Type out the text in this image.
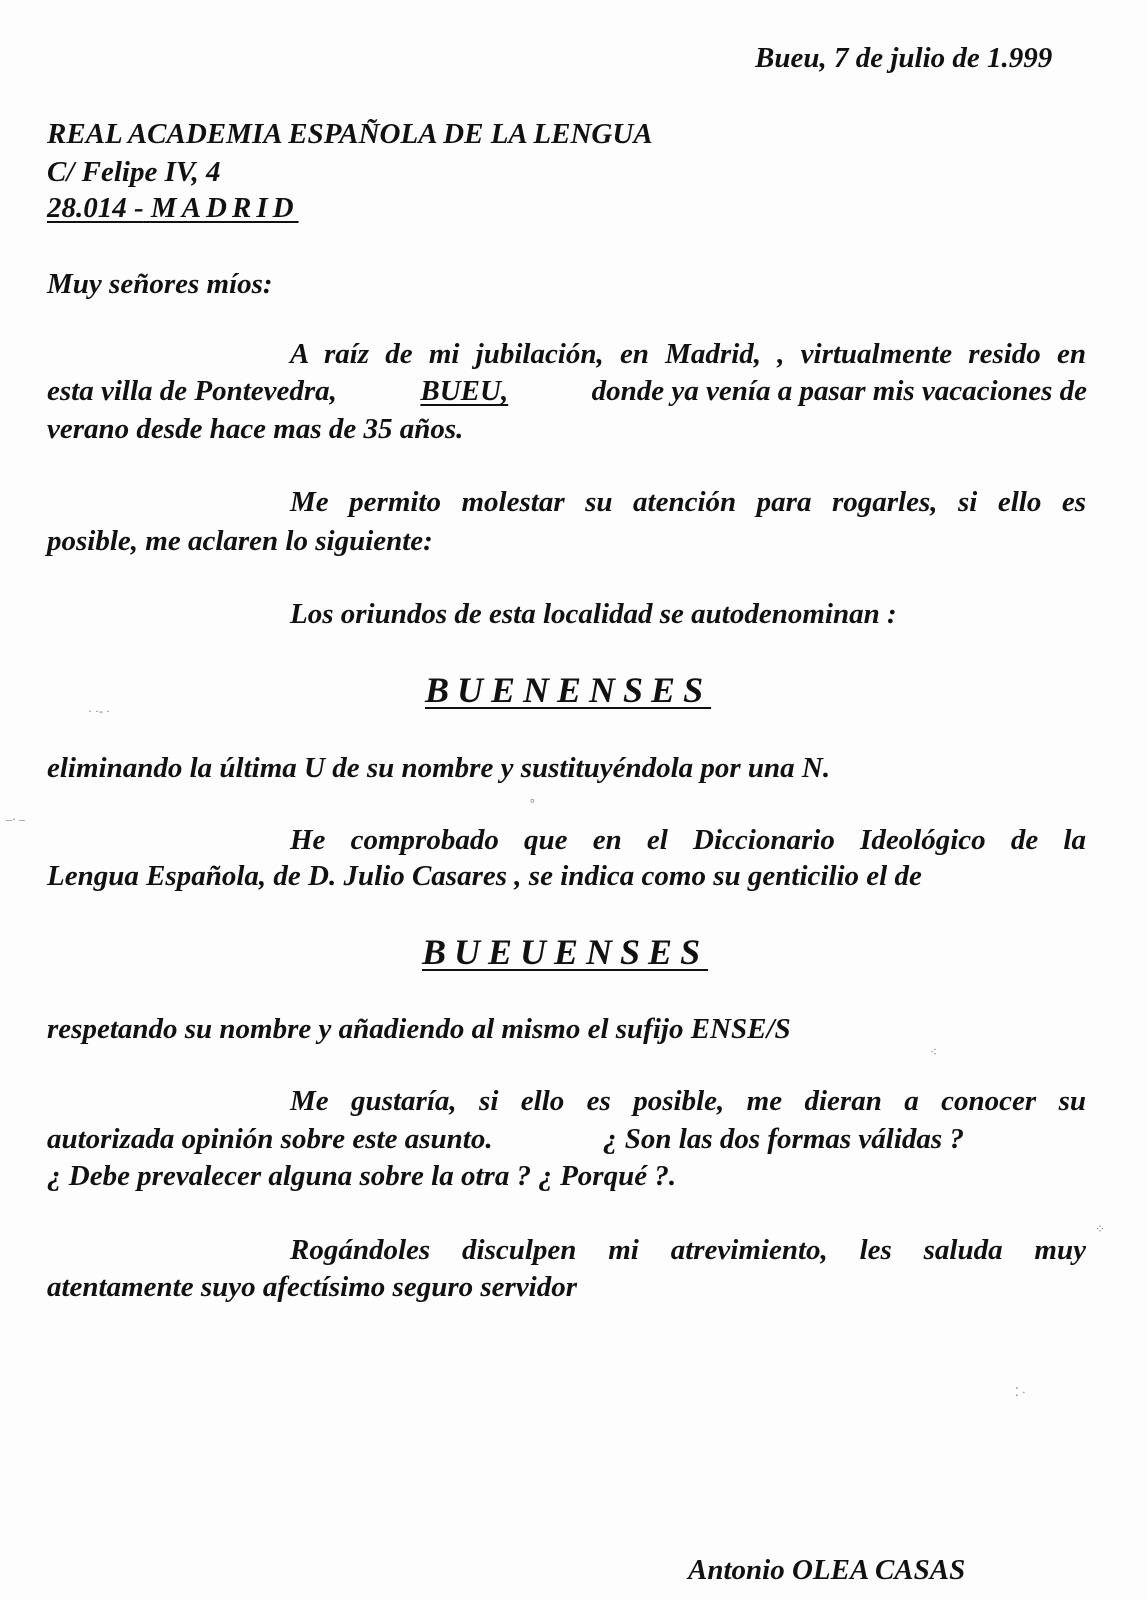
Bueu, 7 de julio de 1.999
REAL ACADEMIA ESPAÑOLA DE LA LENGUA
C/ Felipe IV, 4
28.014 - MADRID
Muy señores míos:
A raíz de mi jubilación, en Madrid, , virtualmente resido en
esta villa de Pontevedra,	BUEU,	donde ya venía a pasar mis vacaciones de
verano desde hace mas de 35 años.
Me permito molestar su atención para rogarles, si ello es
posible, me aclaren lo siguiente:
Los oriundos de esta localidad se autodenominan :
BUENENSES
eliminando la última U de su nombre y sustituyéndola por una N.
He comprobado que en el Diccionario Ideológico de la
Lengua Española, de D. Julio Casares , se indica como su genticilio el de
BUEUENSES
respetando su nombre y añadiendo al mismo el sufijo ENSE/S
Me gustaría, si ello es posible, me dieran a conocer su
autorizada opinión sobre este asunto.	¿ Son las dos formas válidas ?
¿ Debe prevalecer alguna sobre la otra ? ¿ Porqué ?.
Rogándoles disculpen mi atrevimiento, les saluda muy
atentamente suyo afectísimo seguro servidor
Antonio OLEA CASAS
· ·- ·
–· –
°
⁖
⁘
⁚ ·
